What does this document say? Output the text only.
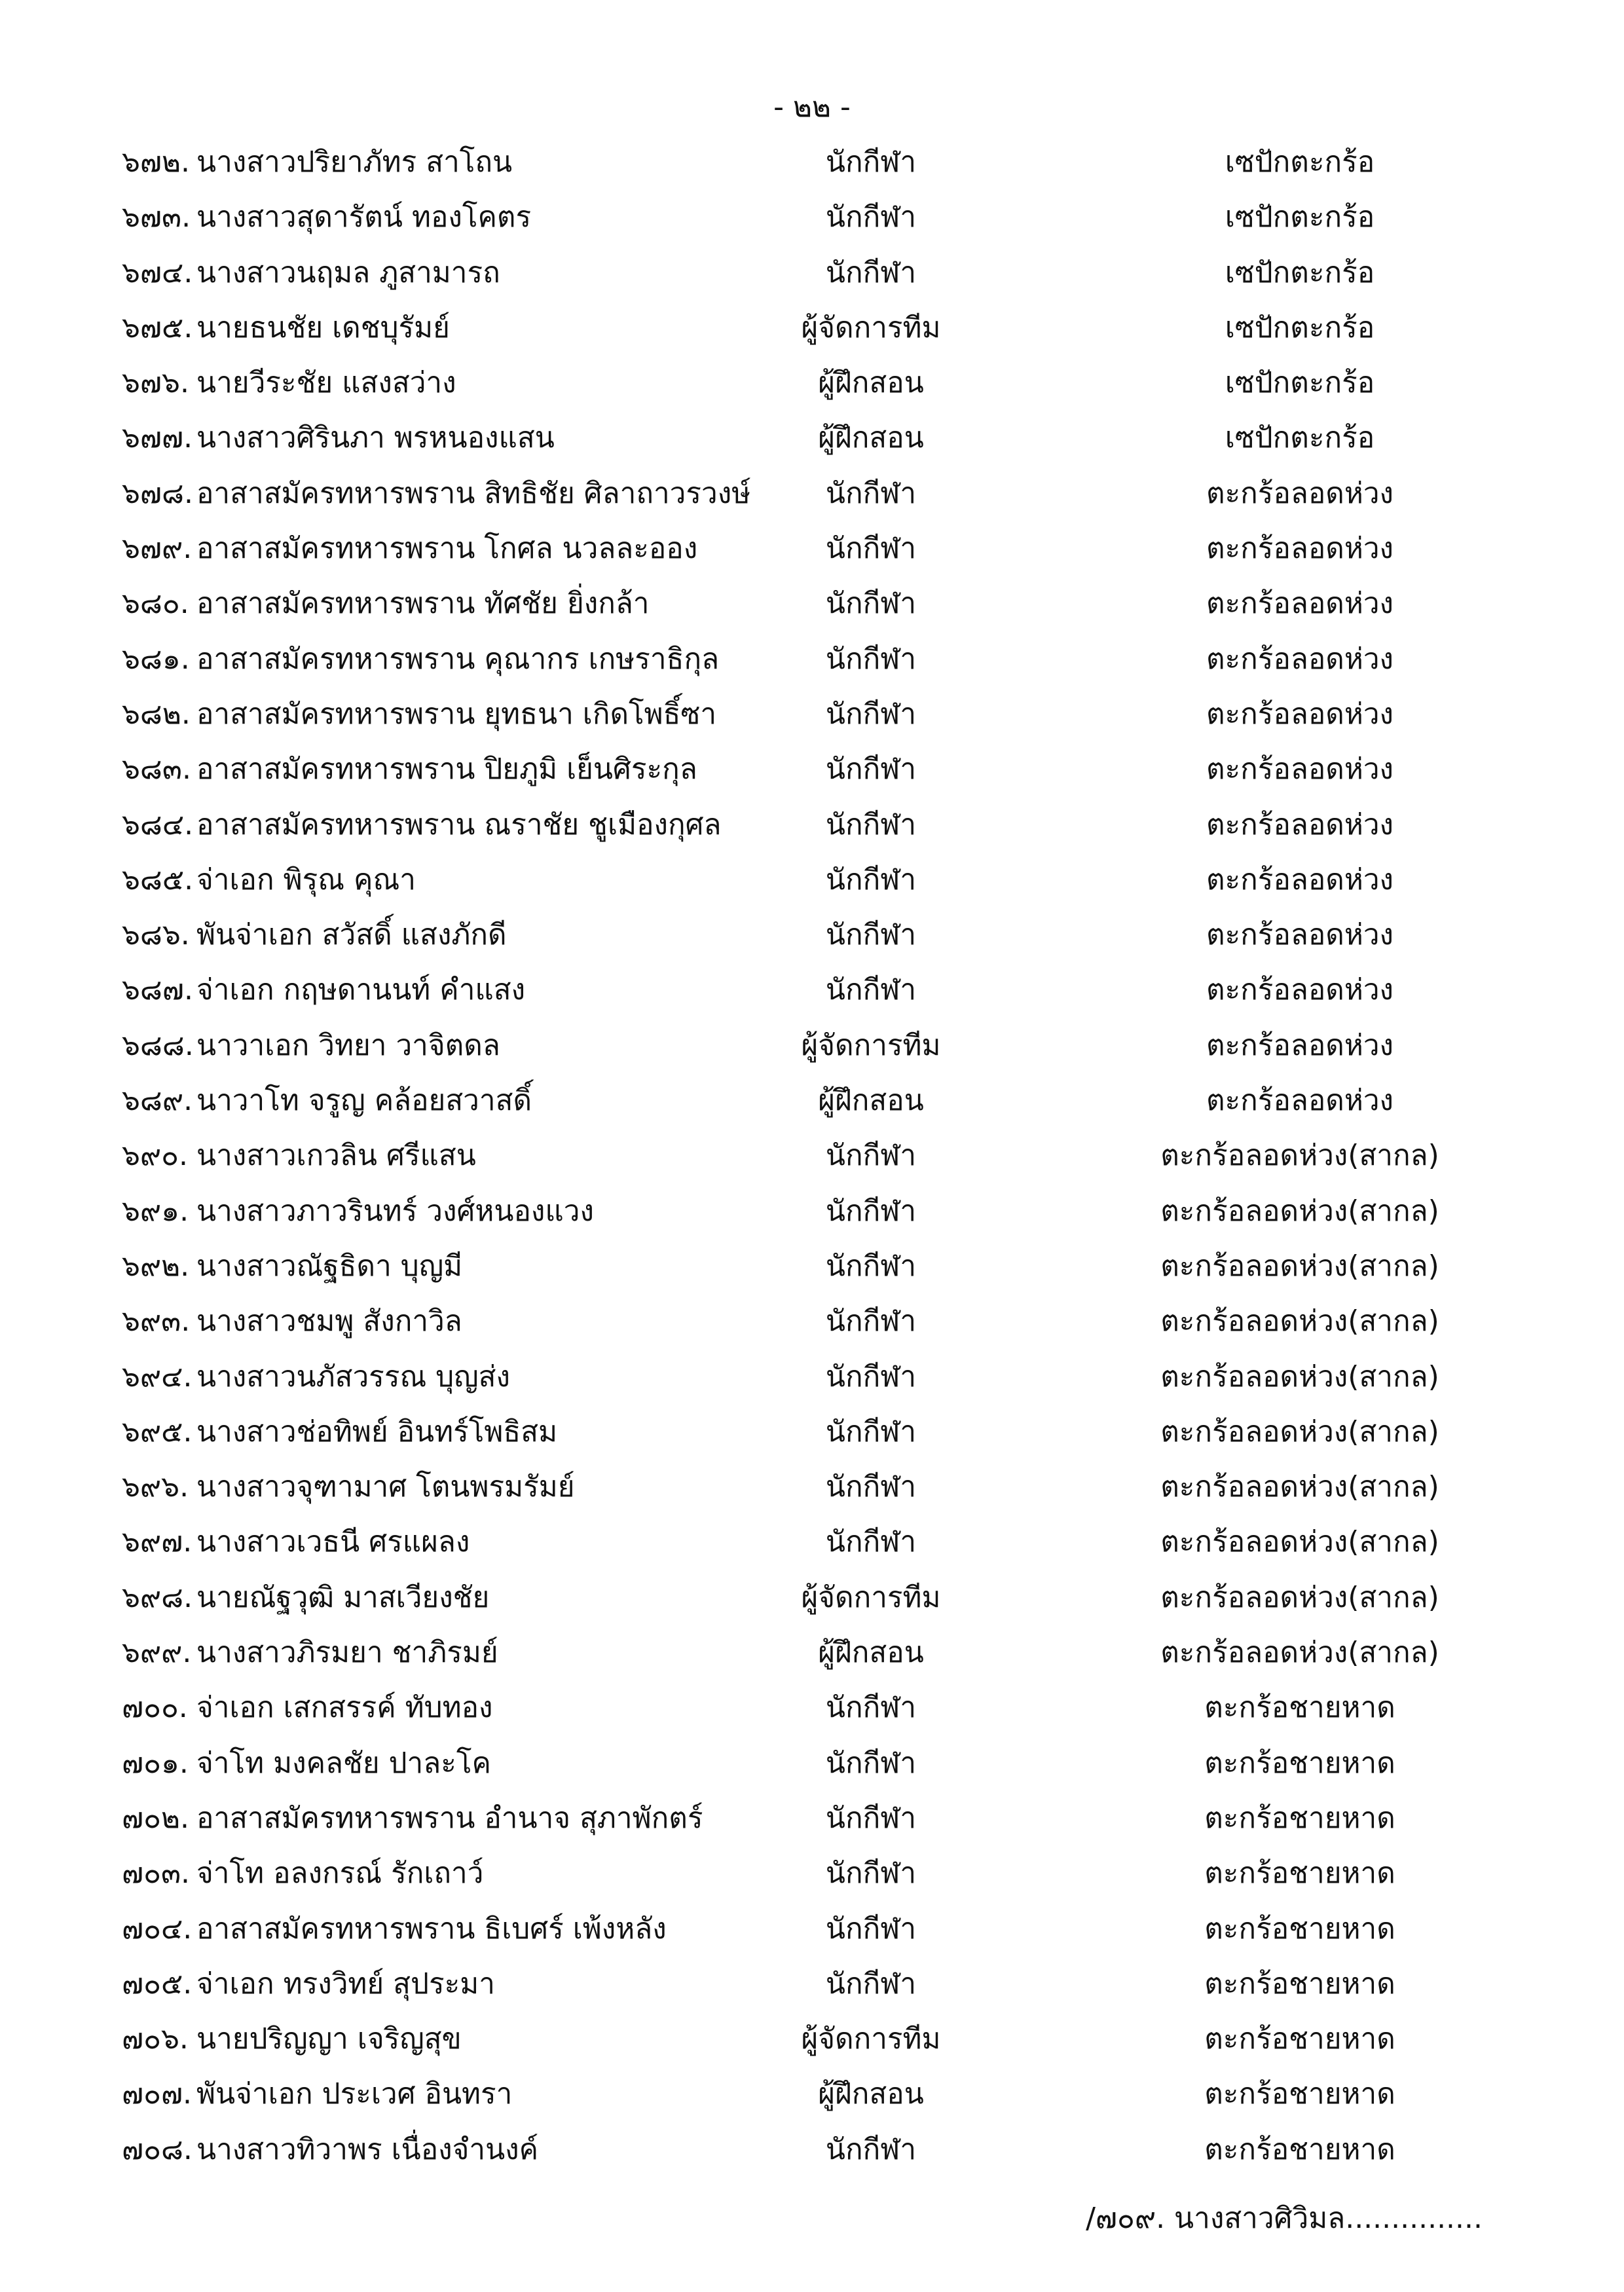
- ๒๒ -
๖๗๒. นางสาวปริยาภัทร สาโถน	นักกีฬา	เซปักตะกร้อ
๖๗๓. นางสาวสุดารัตน์ ทองโคตร	นักกีฬา	เซปักตะกร้อ
๖๗๔. นางสาวนฤมล ภูสามารถ	นักกีฬา	เซปักตะกร้อ
๖๗๕. นายธนชัย เดชบุรัมย์	ผู้จัดการทีม	เซปักตะกร้อ
๖๗๖. นายวีระชัย แสงสว่าง	ผู้ฝึกสอน	เซปักตะกร้อ
๖๗๗. นางสาวศิรินภา พรหนองแสน	ผู้ฝึกสอน	เซปักตะกร้อ
๖๗๘. อาสาสมัครทหารพราน สิทธิชัย ศิลาถาวรวงษ์	นักกีฬา	ตะกร้อลอดห่วง
๖๗๙. อาสาสมัครทหารพราน โกศล นวลละออง	นักกีฬา	ตะกร้อลอดห่วง
๖๘๐. อาสาสมัครทหารพราน ทัศชัย ยิ่งกล้า	นักกีฬา	ตะกร้อลอดห่วง
๖๘๑. อาสาสมัครทหารพราน คุณากร เกษราธิกุล	นักกีฬา	ตะกร้อลอดห่วง
๖๘๒. อาสาสมัครทหารพราน ยุทธนา เกิดโพธิ์ซา	นักกีฬา	ตะกร้อลอดห่วง
๖๘๓. อาสาสมัครทหารพราน ปิยภูมิ เย็นศิระกุล	นักกีฬา	ตะกร้อลอดห่วง
๖๘๔. อาสาสมัครทหารพราน ณราชัย ชูเมืองกุศล	นักกีฬา	ตะกร้อลอดห่วง
๖๘๕. จ่าเอก พิรุณ คุณา	นักกีฬา	ตะกร้อลอดห่วง
๖๘๖. พันจ่าเอก สวัสดิ์ แสงภักดี	นักกีฬา	ตะกร้อลอดห่วง
๖๘๗. จ่าเอก กฤษดานนท์ คำแสง	นักกีฬา	ตะกร้อลอดห่วง
๖๘๘. นาวาเอก วิทยา วาจิตดล	ผู้จัดการทีม	ตะกร้อลอดห่วง
๖๘๙. นาวาโท จรูญ คล้อยสวาสดิ์	ผู้ฝึกสอน	ตะกร้อลอดห่วง
๖๙๐. นางสาวเกวลิน ศรีแสน	นักกีฬา	ตะกร้อลอดห่วง(สากล)
๖๙๑. นางสาวภาวรินทร์ วงศ์หนองแวง	นักกีฬา	ตะกร้อลอดห่วง(สากล)
๖๙๒. นางสาวณัฐธิดา บุญมี	นักกีฬา	ตะกร้อลอดห่วง(สากล)
๖๙๓. นางสาวชมพู สังกาวิล	นักกีฬา	ตะกร้อลอดห่วง(สากล)
๖๙๔. นางสาวนภัสวรรณ บุญส่ง	นักกีฬา	ตะกร้อลอดห่วง(สากล)
๖๙๕. นางสาวช่อทิพย์ อินทร์โพธิสม	นักกีฬา	ตะกร้อลอดห่วง(สากล)
๖๙๖. นางสาวจุฑามาศ โตนพรมรัมย์	นักกีฬา	ตะกร้อลอดห่วง(สากล)
๖๙๗. นางสาวเวธนี ศรแผลง	นักกีฬา	ตะกร้อลอดห่วง(สากล)
๖๙๘. นายณัฐวุฒิ มาสเวียงชัย	ผู้จัดการทีม	ตะกร้อลอดห่วง(สากล)
๖๙๙. นางสาวภิรมยา ชาภิรมย์	ผู้ฝึกสอน	ตะกร้อลอดห่วง(สากล)
๗๐๐. จ่าเอก เสกสรรค์ ทับทอง	นักกีฬา	ตะกร้อชายหาด
๗๐๑. จ่าโท มงคลชัย ปาละโค	นักกีฬา	ตะกร้อชายหาด
๗๐๒. อาสาสมัครทหารพราน อำนาจ สุภาพักตร์	นักกีฬา	ตะกร้อชายหาด
๗๐๓. จ่าโท อลงกรณ์ รักเถาว์	นักกีฬา	ตะกร้อชายหาด
๗๐๔. อาสาสมัครทหารพราน ธิเบศร์ เพ้งหลัง	นักกีฬา	ตะกร้อชายหาด
๗๐๕. จ่าเอก ทรงวิทย์ สุประมา	นักกีฬา	ตะกร้อชายหาด
๗๐๖. นายปริญญา เจริญสุข	ผู้จัดการทีม	ตะกร้อชายหาด
๗๐๗. พันจ่าเอก ประเวศ อินทรา	ผู้ฝึกสอน	ตะกร้อชายหาด
๗๐๘. นางสาวทิวาพร เนื่องจำนงค์	นักกีฬา	ตะกร้อชายหาด
/๗๐๙. นางสาวศิวิมล...............
